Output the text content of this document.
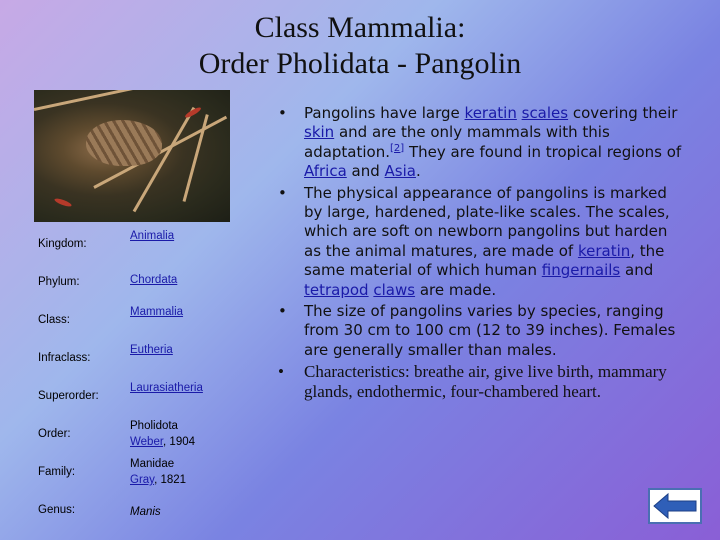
Class Mammalia:
Order Pholidata - Pangolin
Kingdom:
Animalia
Phylum:	Chordata
Class:
Mammalia
Infraclass:
Eutheria
Superorder:
Laurasiatheria
Order:
Pholidota
Weber, 1904
Family:
Manidae
Gray, 1821
Genus:	Manis
• Pangolins have large keratin scales covering their skin and are the only mammals with this adaptation.[2] They are found in tropical regions of Africa and Asia.
• The physical appearance of pangolins is marked by large, hardened, plate-like scales. The scales, which are soft on newborn pangolins but harden as the animal matures, are made of keratin, the same material of which human fingernails and tetrapod claws are made.
• The size of pangolins varies by species, ranging from 30 cm to 100 cm (12 to 39 inches). Females are generally smaller than males.
• Characteristics: breathe air, give live birth, mammary glands, endothermic, four-chambered heart.
